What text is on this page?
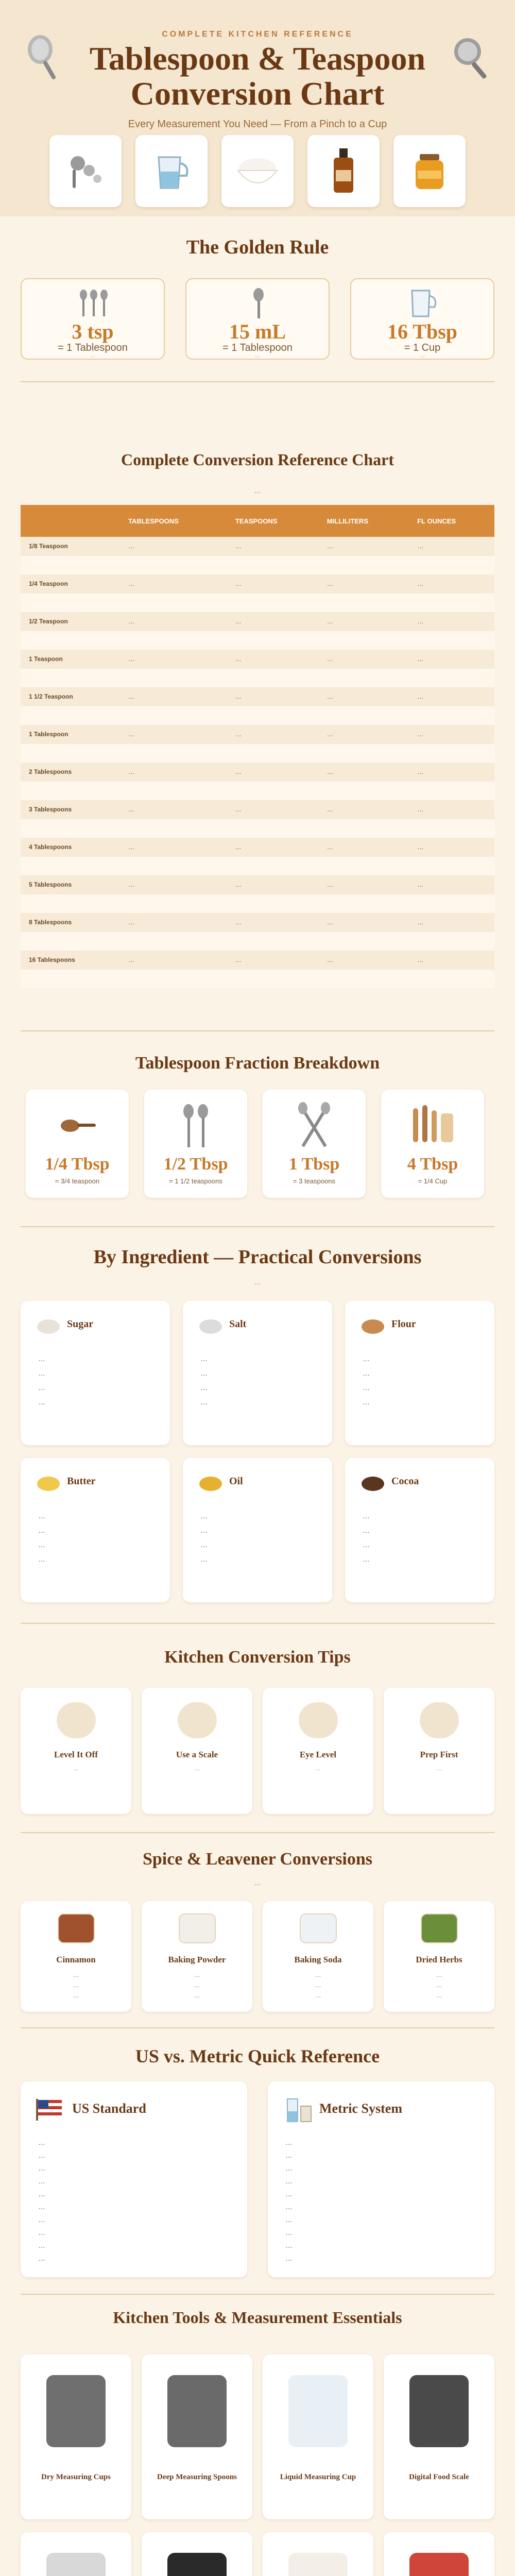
COMPLETE KITCHEN REFERENCE
Tablespoon & Teaspoon
Conversion Chart
Every Measurement You Need — From a Pinch to a Cup
The Golden Rule
3 tsp
= 1 Tablespoon
…
15 mL
= 1 Tablespoon
…
16 Tbsp
= 1 Cup
…
Complete Conversion Reference Chart
…
	TABLESPOONS	TEASPOONS	MILLILITERS	FL OUNCES
1/8 Teaspoon	…	…	…	…

1/4 Teaspoon	…	…	…	…

1/2 Teaspoon	…	…	…	…

1 Teaspoon	…	…	…	…

1 1/2 Teaspoon	…	…	…	…

1 Tablespoon	…	…	…	…

2 Tablespoons	…	…	…	…

3 Tablespoons	…	…	…	…

4 Tablespoons	…	…	…	…

5 Tablespoons	…	…	…	…

8 Tablespoons	…	…	…	…

16 Tablespoons	…	…	…	…

Tablespoon Fraction Breakdown
1/4 Tbsp
= 3/4 teaspoon
1/2 Tbsp
= 1 1/2 teaspoons
1 Tbsp
= 3 teaspoons
4 Tbsp
= 1/4 Cup
By Ingredient — Practical Conversions
…
Sugar
…
…
…
…
Salt
…
…
…
…
Flour
…
…
…
…
Butter
…
…
…
…
Oil
…
…
…
…
Cocoa
…
…
…
…
Kitchen Conversion Tips
Level It Off
…
Use a Scale
…
Eye Level
…
Prep First
…
Spice & Leavener Conversions
…
Cinnamon
…
…
…
Baking Powder
…
…
…
Baking Soda
…
…
…
Dried Herbs
…
…
…
US vs. Metric Quick Reference
US Standard
…
…
…
…
…
…
…
…
…
…
Metric System
…
…
…
…
…
…
…
…
…
…
Kitchen Tools & Measurement Essentials
Dry Measuring Cups	Deep Measuring Spoons	Liquid Measuring Cup	Digital Food Scale
